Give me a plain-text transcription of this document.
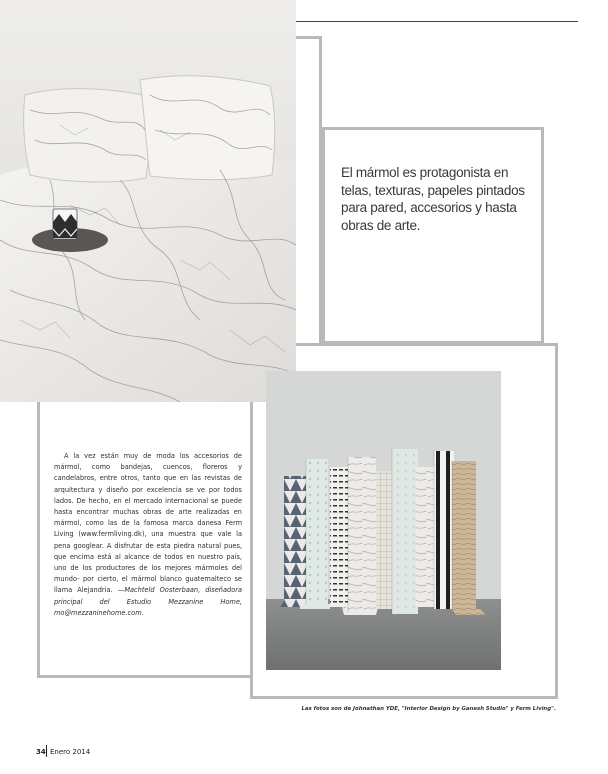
El mármol es protagonista en telas, texturas, papeles pintados para pared, accesorios y hasta obras de arte.
A la vez están muy de moda los accesorios de mármol, como bandejas, cuencos, floreros y candelabros, entre otros, tanto que en las revistas de arquitectura y diseño por excelencia se ve por todos lados. De hecho, en el mercado internacional se puede hasta encontrar muchas obras de arte realizadas en mármol, como las de la famosa marca danesa Ferm Living (www.fermliving.dk), una muestra que vale la pena googlear. A disfrutar de esta piedra natural pues, que encima está al alcance de todos en nuestro país, uno de los productores de los mejores mármoles del mundo- por cierto, el mármol blanco guatemalteco se llama Alejandria. —Machteld Oosterbaan, diseñadora principal del Estudio Mezzanine Home, mo@mezzaninehome.com.
Las fotos son de Johnathan YDE, "Interior Design by Ganesh Studio" y Ferm Living".
34 Enero 2014
